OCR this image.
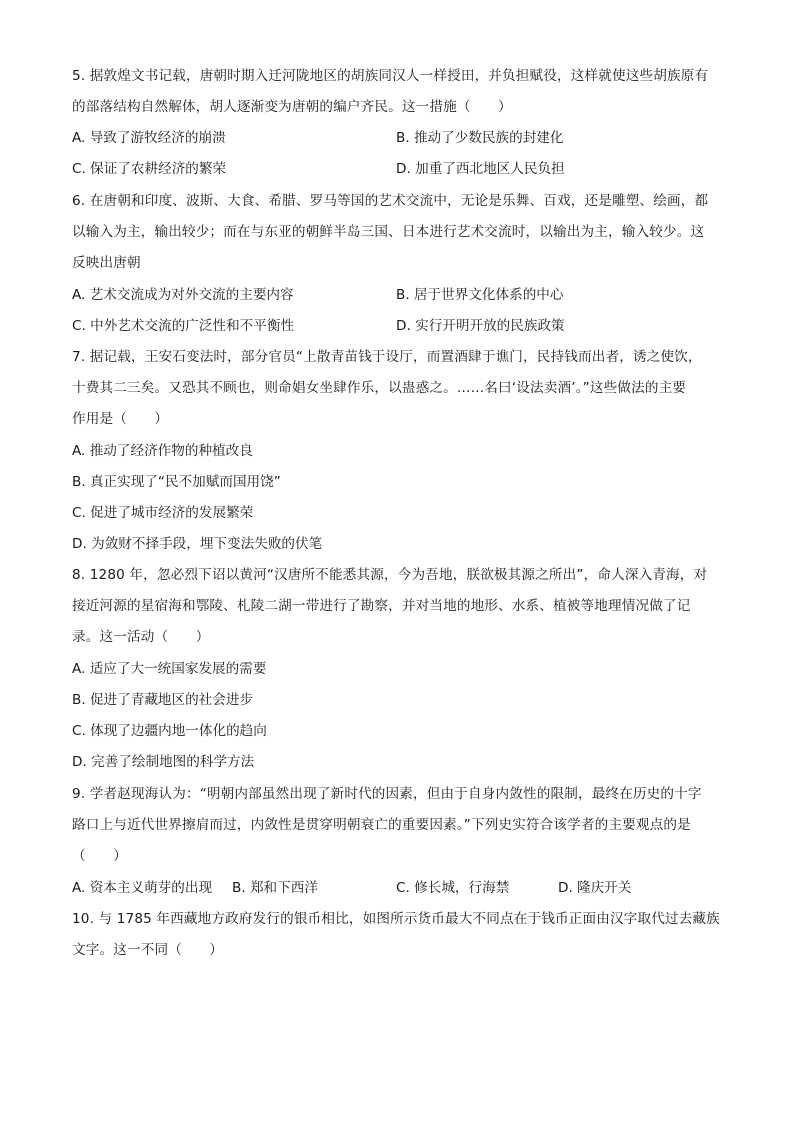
5. 据敦煌文书记载，唐朝时期入迁河陇地区的胡族同汉人一样授田，并负担赋役，这样就使这些胡族原有
的部落结构自然解体，胡人逐渐变为唐朝的编户齐民。这一措施（　　）
A. 导致了游牧经济的崩溃	B. 推动了少数民族的封建化
C. 保证了农耕经济的繁荣	D. 加重了西北地区人民负担
6. 在唐朝和印度、波斯、大食、希腊、罗马等国的艺术交流中，无论是乐舞、百戏，还是雕塑、绘画，都
以输入为主，输出较少；而在与东亚的朝鲜半岛三国、日本进行艺术交流时，以输出为主，输入较少。这
反映出唐朝
A. 艺术交流成为对外交流的主要内容	B. 居于世界文化体系的中心
C. 中外艺术交流的广泛性和不平衡性	D. 实行开明开放的民族政策
7. 据记载，王安石变法时，部分官员“上散青苗钱于设厅，而置酒肆于谯门，民持钱而出者，诱之使饮，
十费其二三矣。又恐其不顾也，则命娼女坐肆作乐，以蛊惑之。……名曰‘设法卖酒’。”这些做法的主要
作用是（　　）
A. 推动了经济作物的种植改良
B. 真正实现了“民不加赋而国用饶”
C. 促进了城市经济的发展繁荣
D. 为敛财不择手段，埋下变法失败的伏笔
8. 1280 年，忽必烈下诏以黄河“汉唐所不能悉其源，今为吾地，朕欲极其源之所出”，命人深入青海，对
接近河源的星宿海和鄂陵、札陵二湖一带进行了勘察，并对当地的地形、水系、植被等地理情况做了记
录。这一活动（　　）
A. 适应了大一统国家发展的需要
B. 促进了青藏地区的社会进步
C. 体现了边疆内地一体化的趋向
D. 完善了绘制地图的科学方法
9. 学者赵现海认为：“明朝内部虽然出现了新时代的因素，但由于自身内敛性的限制，最终在历史的十字
路口上与近代世界擦肩而过，内敛性是贯穿明朝衰亡的重要因素。”下列史实符合该学者的主要观点的是
（　　）
A. 资本主义萌芽的出现 B. 郑和下西洋	C. 修长城，行海禁	D. 隆庆开关
10. 与 1785 年西藏地方政府发行的银币相比，如图所示货币最大不同点在于钱币正面由汉字取代过去藏族
文字。这一不同（　　）
